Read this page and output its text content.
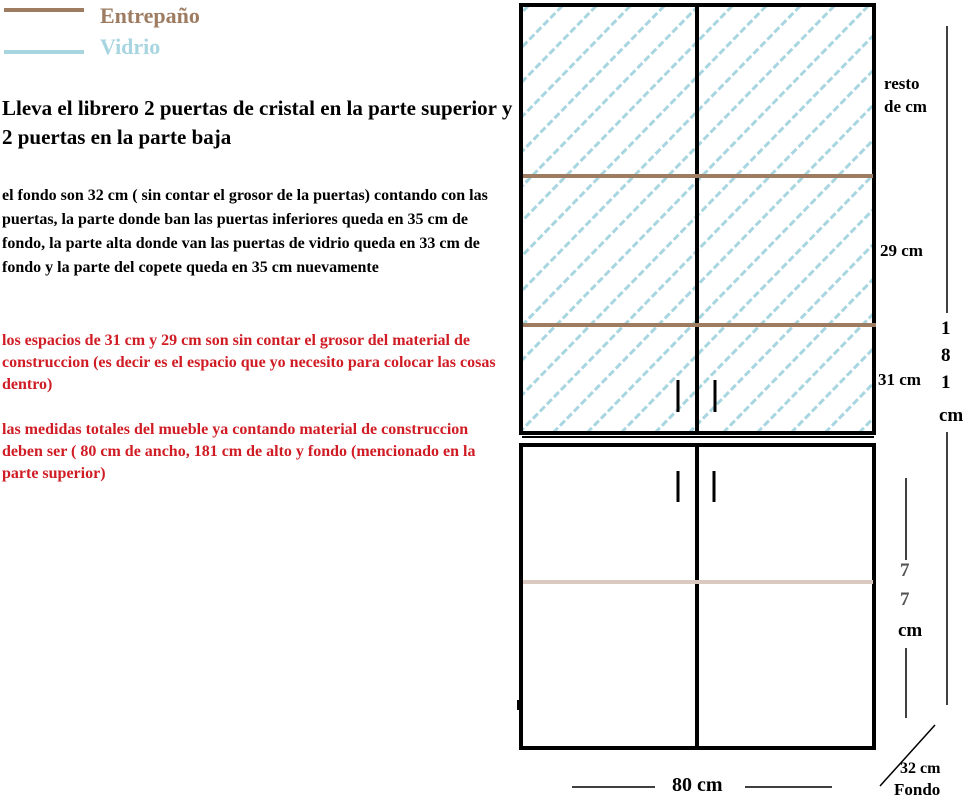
Entrepaño
Vidrio
Lleva el librero 2 puertas de cristal en la parte superior y 2 puertas en la parte baja
el fondo son 32 cm ( sin contar el grosor de la puertas) contando con las puertas, la parte donde ban las puertas inferiores queda en 35 cm de fondo, la parte alta donde van las puertas de vidrio queda en 33 cm de fondo y la parte del copete queda en 35 cm nuevamente
los espacios de 31 cm y 29 cm son sin contar el grosor del material de construccion (es decir es el espacio que yo necesito para colocar las cosas dentro)
las medidas totales del mueble ya contando material de construccion deben ser ( 80 cm de ancho, 181 cm de alto y fondo (mencionado en la parte superior)
resto
de cm
29 cm
31 cm
1
8
1
cm
7
7
cm
80 cm
32 cm
Fondo
